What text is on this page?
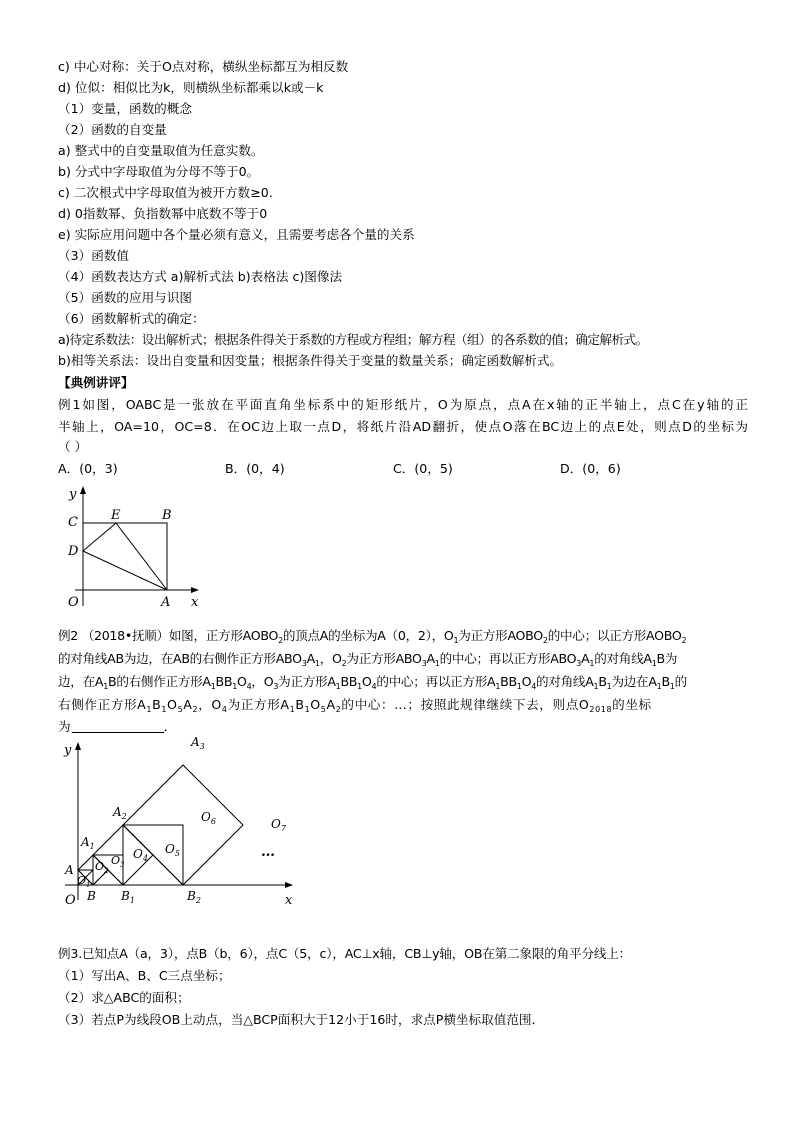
c) 中心对称：关于O点对称，横纵坐标都互为相反数
d) 位似：相似比为k，则横纵坐标都乘以k或－k
（1）变量，函数的概念
（2）函数的自变量
a) 整式中的自变量取值为任意实数。
b) 分式中字母取值为分母不等于0。
c) 二次根式中字母取值为被开方数≥0.
d) 0指数幂、负指数幂中底数不等于0
e) 实际应用问题中各个量必须有意义，且需要考虑各个量的关系
（3）函数值
（4）函数表达方式 a)解析式法 b)表格法 c)图像法
（5）函数的应用与识图
（6）函数解析式的确定：
a)待定系数法：设出解析式；根据条件得关于系数的方程或方程组；解方程（组）的各系数的值；确定解析式。
b)相等关系法：设出自变量和因变量；根据条件得关于变量的数量关系；确定函数解析式。
【典例讲评】
例1如图，OABC是一张放在平面直角坐标系中的矩形纸片，O为原点，点A在x轴的正半轴上，点C在y轴的正
半轴上，OA=10，OC=8．在OC边上取一点D，将纸片沿AD翻折，使点O落在BC边上的点E处，则点D的坐标为
（ ）
A．(0，3)	B．(0，4)	C．(0，5)	D．(0，6)
y
C	E	B
D
O	A x
例2 （2018•抚顺）如图，正方形$AOBO_2$的顶点A的坐标为A（0，2），$O_1$为正方形$AOBO_2$的中心；以正方形$AOBO_2$
的对角线AB为边，在AB的右侧作正方形$ABO_3A_1$，$O_2$为正方形$ABO_3A_1$的中心；再以正方形$ABO_3A_1$的对角线$A_1B$为
边，在$A_1B$的右侧作正方形$A_1BB_1O_4$，$O_3$为正方形$A_1BB_1O_4$的中心；再以正方形$A_1BB_1O_4$的对角线$A_1B_1$为边在$A_1B_1$的
右侧作正方形$A_1B_1O_5A_2$，$O_4$为正方形$A_1B_1O_5A_2$的中心：…；按照此规律继续下去，则点$O_{2018}$的坐标
为	．
y
O	x
A
B $B_1$	$B_2$
$A_1$
$A_2$
$A_3$
$O_1$
$O_2$
$O_3$
$O_4$
$O_5$
$O_6$	$O_7$
…
例3.已知点A（a，3），点B（b，6），点C（5，c），AC⊥x轴，CB⊥y轴，OB在第二象限的角平分线上：
（1）写出A、B、C三点坐标；
（2）求△ABC的面积；
（3）若点P为线段OB上动点，当△BCP面积大于12小于16时，求点P横坐标取值范围．
